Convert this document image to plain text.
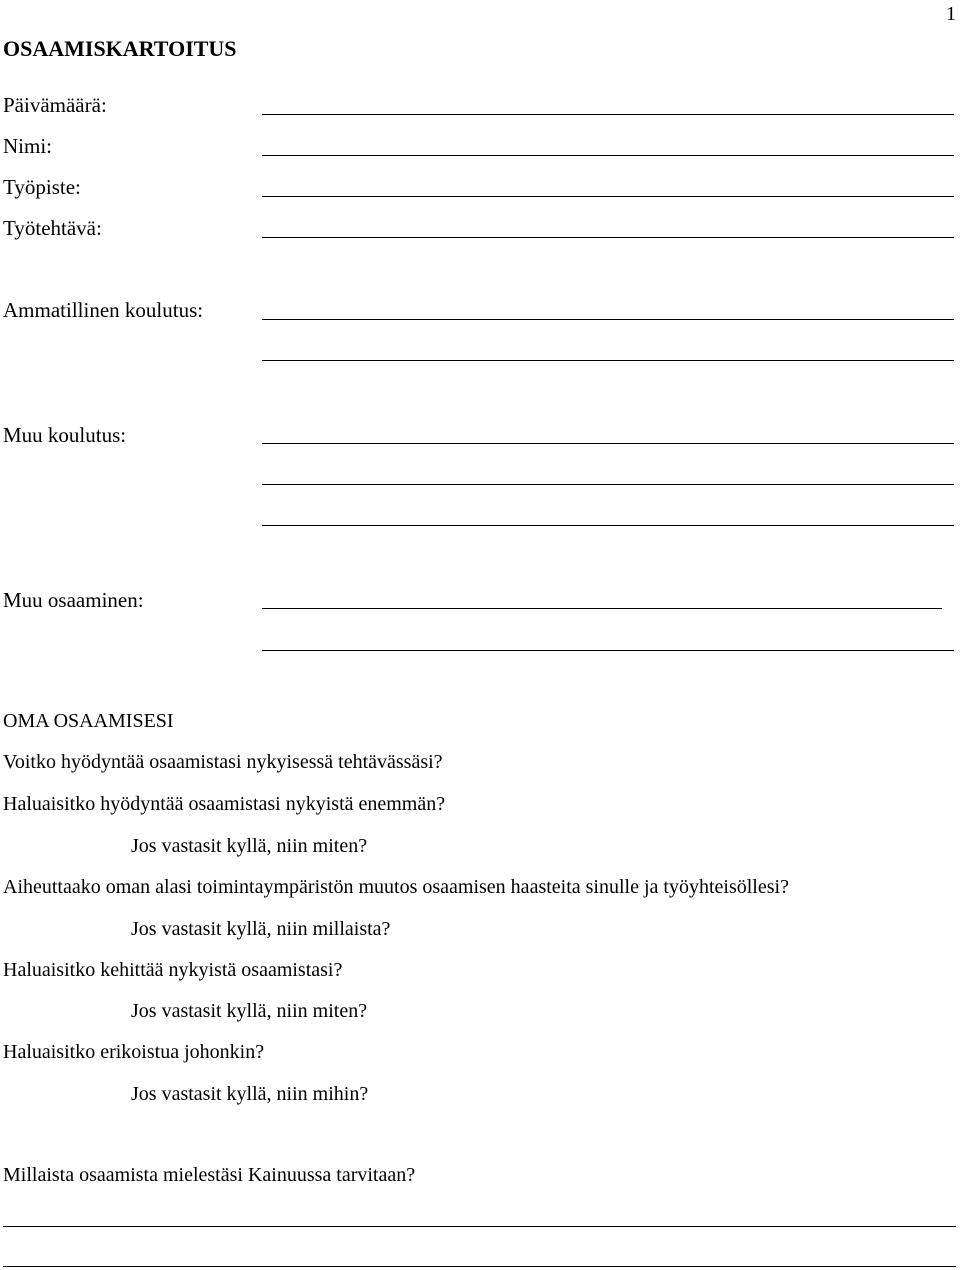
1
OSAAMISKARTOITUS
Päivämäärä:
Nimi:
Työpiste:
Työtehtävä:
Ammatillinen koulutus:
Muu koulutus:
Muu osaaminen:
OMA OSAAMISESI
Voitko hyödyntää osaamistasi nykyisessä tehtävässäsi?
Haluaisitko hyödyntää osaamistasi nykyistä enemmän?
Jos vastasit kyllä, niin miten?
Aiheuttaako oman alasi toimintaympäristön muutos osaamisen haasteita sinulle ja työyhteisöllesi?
Jos vastasit kyllä, niin millaista?
Haluaisitko kehittää nykyistä osaamistasi?
Jos vastasit kyllä, niin miten?
Haluaisitko erikoistua johonkin?
Jos vastasit kyllä, niin mihin?
Millaista osaamista mielestäsi Kainuussa tarvitaan?
